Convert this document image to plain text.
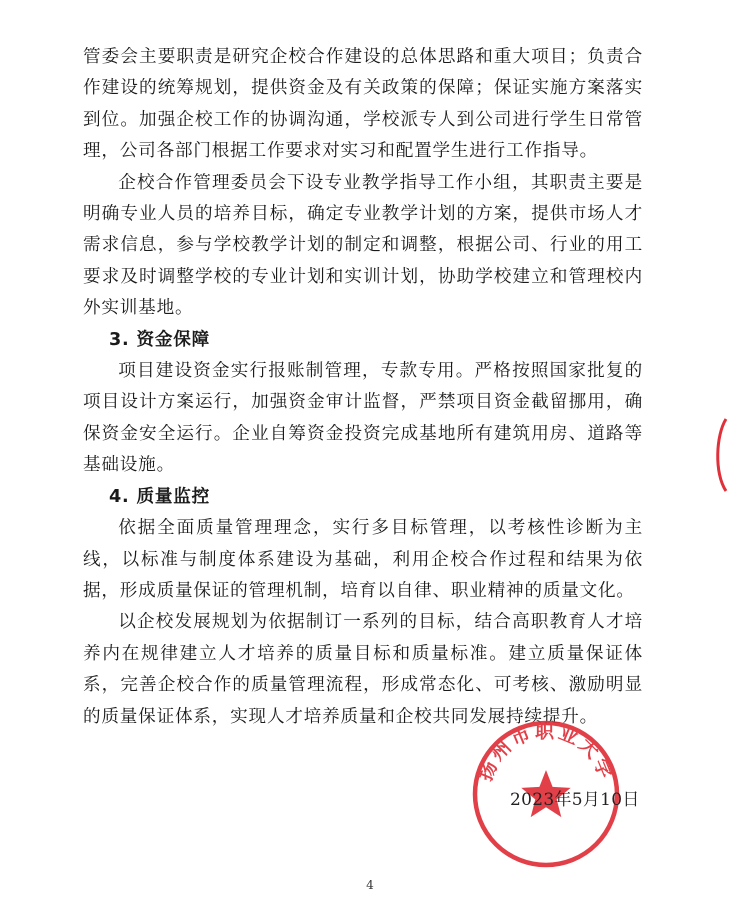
管委会主要职责是研究企校合作建设的总体思路和重大项目；负责合作建设的统筹规划，提供资金及有关政策的保障；保证实施方案落实到位。加强企校工作的协调沟通，学校派专人到公司进行学生日常管理，公司各部门根据工作要求对实习和配置学生进行工作指导。

企校合作管理委员会下设专业教学指导工作小组，其职责主要是明确专业人员的培养目标，确定专业教学计划的方案，提供市场人才需求信息，参与学校教学计划的制定和调整，根据公司、行业的用工要求及时调整学校的专业计划和实训计划，协助学校建立和管理校内外实训基地。

3. 资金保障

项目建设资金实行报账制管理，专款专用。严格按照国家批复的项目设计方案运行，加强资金审计监督，严禁项目资金截留挪用，确保资金安全运行。企业自筹资金投资完成基地所有建筑用房、道路等基础设施。

4. 质量监控

依据全面质量管理理念，实行多目标管理，以考核性诊断为主线，以标准与制度体系建设为基础，利用企校合作过程和结果为依据，形成质量保证的管理机制，培育以自律、职业精神的质量文化。

以企校发展规划为依据制订一系列的目标，结合高职教育人才培养内在规律建立人才培养的质量目标和质量标准。建立质量保证体系，完善企校合作的质量管理流程，形成常态化、可考核、激励明显的质量保证体系，实现人才培养质量和企校共同发展持续提升。

扬州市职业大学
2023年5月10日
4
